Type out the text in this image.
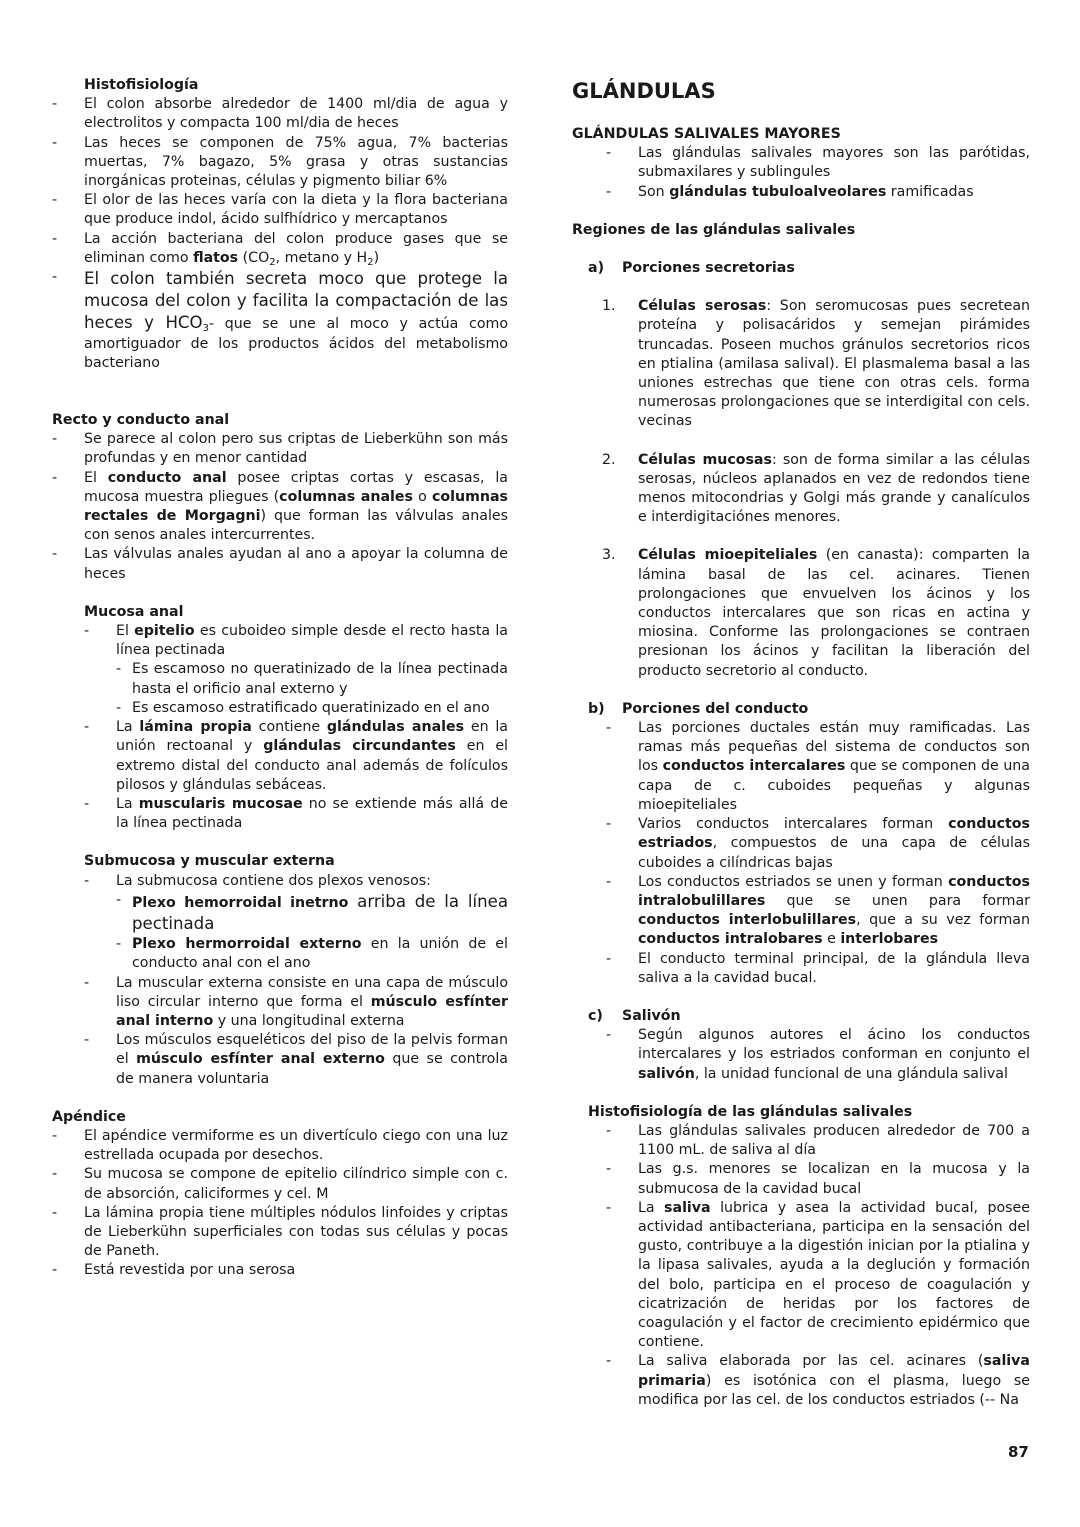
Histofisiología

- El colon absorbe alrededor de 1400 ml/dia de agua y electrolitos y compacta 100 ml/dia de heces
- Las heces se componen de 75% agua, 7% bacterias muertas, 7% bagazo, 5% grasa y otras sustancias inorgánicas proteinas, células y pigmento biliar 6%
- El olor de las heces varía con la dieta y la flora bacteriana que produce indol, ácido sulfhídrico y mercaptanos
- La acción bacteriana del colon produce gases que se eliminan como flatos ($CO_2$, metano y $H_2$)
- El colon también secreta moco que protege la mucosa del colon y facilita la compactación de las heces y $HCO_3-$ que se une al moco y actúa como amortiguador de los productos ácidos del metabolismo bacteriano

Recto y conducto anal

- Se parece al colon pero sus criptas de Lieberkühn son más profundas y en menor cantidad
- El conducto anal posee criptas cortas y escasas, la mucosa muestra pliegues (columnas anales o columnas rectales de Morgagni) que forman las válvulas anales con senos anales intercurrentes.
- Las válvulas anales ayudan al ano a apoyar la columna de heces

Mucosa anal

- El epitelio es cuboideo simple desde el recto hasta la línea pectinada
- Es escamoso no queratinizado de la línea pectinada hasta el orificio anal externo y
- Es escamoso estratificado queratinizado en el ano
- La lámina propia contiene glándulas anales en la unión rectoanal y glándulas circundantes en el extremo distal del conducto anal además de folículos pilosos y glándulas sebáceas.
- La muscularis mucosae no se extiende más allá de la línea pectinada

Submucosa y muscular externa

- La submucosa contiene dos plexos venosos:
- Plexo hemorroidal inetrno arriba de la línea pectinada
- Plexo hermorroidal externo en la unión de el conducto anal con el ano
- La muscular externa consiste en una capa de músculo liso circular interno que forma el músculo esfínter anal interno y una longitudinal externa
- Los músculos esqueléticos del piso de la pelvis forman el músculo esfínter anal externo que se controla de manera voluntaria

Apéndice

- El apéndice vermiforme es un divertículo ciego con una luz estrellada ocupada por desechos.
- Su mucosa se compone de epitelio cilíndrico simple con c. de absorción, caliciformes y cel. M
- La lámina propia tiene múltiples nódulos linfoides y criptas de Lieberkühn superficiales con todas sus células y pocas de Paneth.
- Está revestida por una serosa

GLÁNDULAS

GLÁNDULAS SALIVALES MAYORES

- Las glándulas salivales mayores son las parótidas, submaxilares y sublingules
- Son glándulas tubuloalveolares ramificadas

Regiones de las glándulas salivales

a)	Porciones secretorias
1.	Células serosas: Son seromucosas pues secretean proteína y polisacáridos y semejan pirámides truncadas. Poseen muchos gránulos secretorios ricos en ptialina (amilasa salival). El plasmalema basal a las uniones estrechas que tiene con otras cels. forma numerosas prolongaciones que se interdigital con cels. vecinas
2.	Células mucosas: son de forma similar a las células serosas, núcleos aplanados en vez de redondos tiene menos mitocondrias y Golgi más grande y canalículos e interdigitaciónes menores.
3.	Células mioepiteliales (en canasta): comparten la lámina basal de las cel. acinares. Tienen prolongaciones que envuelven los ácinos y los conductos intercalares que son ricas en actina y miosina. Conforme las prolongaciones se contraen presionan los ácinos y facilitan la liberación del producto secretorio al conducto.
b)	Porciones del conducto
- Las porciones ductales están muy ramificadas. Las ramas más pequeñas del sistema de conductos son los conductos intercalares que se componen de una capa de c. cuboides pequeñas y algunas mioepiteliales
- Varios conductos intercalares forman conductos estriados, compuestos de una capa de células cuboides a cilíndricas bajas
- Los conductos estriados se unen y forman conductos intralobulillares que se unen para formar conductos interlobulillares, que a su vez forman conductos intralobares e interlobares
- El conducto terminal principal, de la glándula lleva saliva a la cavidad bucal.
c)	Salivón
- Según algunos autores el ácino los conductos intercalares y los estriados conforman en conjunto el salivón, la unidad funcional de una glándula salival

Histofisiología de las glándulas salivales

- Las glándulas salivales producen alrededor de 700 a 1100 mL. de saliva al día
- Las g.s. menores se localizan en la mucosa y la submucosa de la cavidad bucal
- La saliva lubrica y asea la actividad bucal, posee actividad antibacteriana, participa en la sensación del gusto, contribuye a la digestión inician por la ptialina y la lipasa salivales, ayuda a la deglución y formación del bolo, participa en el proceso de coagulación y cicatrización de heridas por los factores de coagulación y el factor de crecimiento epidérmico que contiene.
- La saliva elaborada por las cel. acinares (saliva primaria) es isotónica con el plasma, luego se modifica por las cel. de los conductos estriados (-- Na
87
